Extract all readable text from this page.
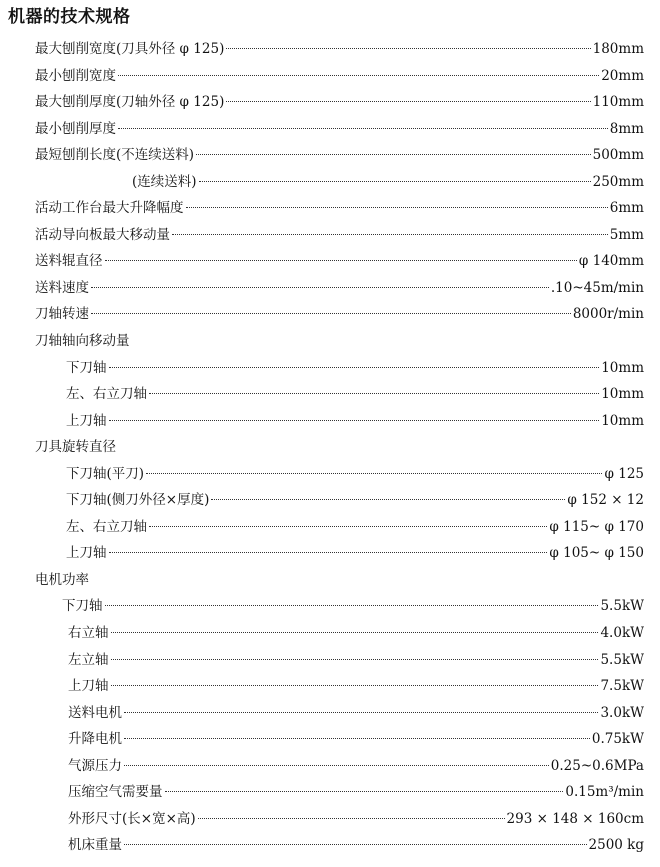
机器的技术规格
最大刨削宽度(刀具外径 φ 125)	180mm
最小刨削宽度	20mm
最大刨削厚度(刀轴外径 φ 125)	110mm
最小刨削厚度	8mm
最短刨削长度(不连续送料)	500mm
(连续送料)	250mm
活动工作台最大升降幅度	6mm
活动导向板最大移动量	5mm
送料辊直径	φ 140mm
送料速度	.10~45m/min
刀轴转速	8000r/min
刀轴轴向移动量
下刀轴	10mm
左、右立刀轴	10mm
上刀轴	10mm
刀具旋转直径
下刀轴(平刀)	φ 125
下刀轴(侧刀外径×厚度)	φ 152 × 12
左、右立刀轴	φ 115~ φ 170
上刀轴	φ 105~ φ 150
电机功率
下刀轴	5.5kW
右立轴	4.0kW
左立轴	5.5kW
上刀轴	7.5kW
送料电机	3.0kW
升降电机	0.75kW
气源压力	0.25~0.6MPa
压缩空气需要量	0.15m³/min
外形尺寸(长×宽×高)	293 × 148 × 160cm
机床重量	2500 kg
